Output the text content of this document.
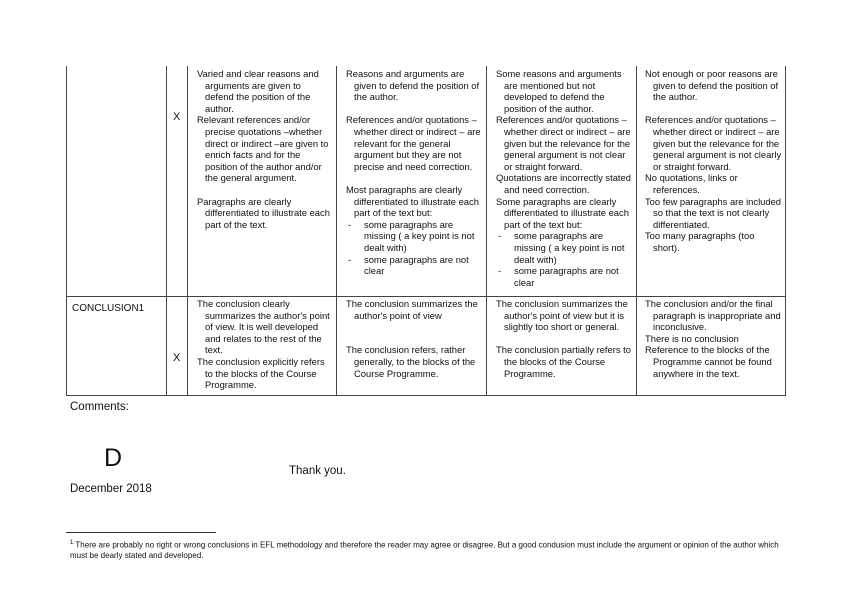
X

Varied and clear reasons and arguments are given to defend the position of the author.

Relevant references and/or precise quotations –whether direct or indirect –are given to enrich facts and for the position of the author and/or the general argument.

Paragraphs are clearly differentiated to illustrate each part of the text.

Reasons and arguments are given to defend the position of the author.

References and/or quotations –whether direct or indirect – are relevant for the general argument but they are not precise and need correction.

Most paragraphs are clearly differentiated to illustrate each part of the text but:

- some paragraphs are missing ( a key point is not dealt with)

- some paragraphs are not clear

Some reasons and arguments are mentioned but not developed to defend the position of the author.

References and/or quotations –whether direct or indirect – are given but the relevance for the general argument is not clear or straight forward.

Quotations are incorrectly stated and need correction.

Some paragraphs are clearly differentiated to illustrate each part of the text but:

- some paragraphs are missing ( a key point is not dealt with)

- some paragraphs are not clear

Not enough or poor reasons are given to defend the position of the author.

References and/or quotations –whether direct or indirect – are given but the relevance for the general argument is not clearly or straight forward.

No quotations, links or references.

Too few paragraphs are included so that the text is not clearly differentiated.

Too many paragraphs (too short).

CONCLUSION1
X

The conclusion clearly summarizes the author's point of view. It is well developed and relates to the rest of the text.

The conclusion explicitly refers to the blocks of the Course Programme.

The conclusion summarizes the author's point of view

The conclusion refers, rather generally, to the blocks of the Course Programme.

The conclusion summarizes the author's point of view but it is slightly too short or general.

The conclusion partially refers to the blocks of the Course Programme.

The conclusion and/or the final paragraph is inappropriate and inconclusive.

There is no conclusion

Reference to the blocks of the Programme cannot be found anywhere in the text.

Comments:
D	Thank you.
December 2018
$^1$ There are probably no right or wrong conclusions in EFL methodology and therefore the reader may agree or disagree. But a good condusion must include the argument or opinion of the author which must be dearly stated and developed.
